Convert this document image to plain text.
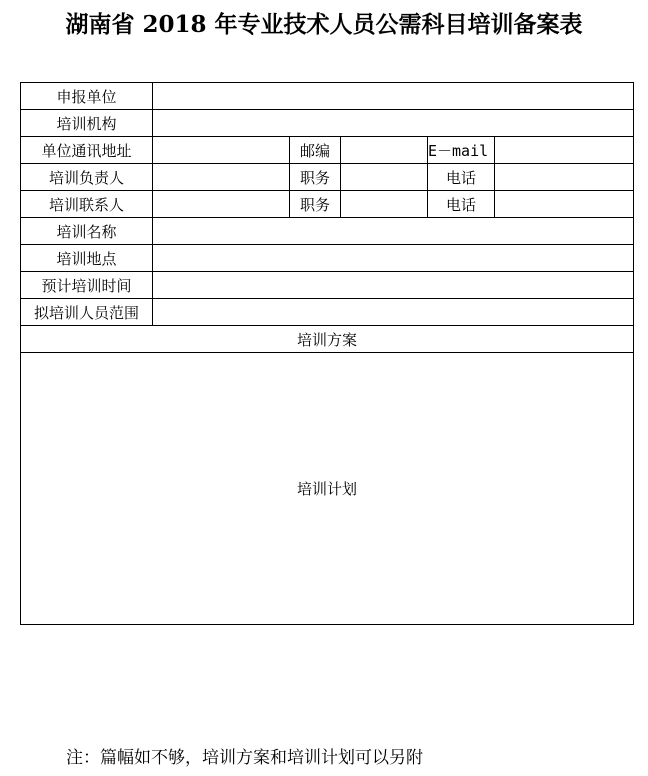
湖南省 2018 年专业技术人员公需科目培训备案表
申报单位					
培训机构					
单位通讯地址		邮编		E－mail	
培训负责人		职务		电话	
培训联系人		职务		电话	
培训名称					
培训地点					
预计培训时间					
拟培训人员范围					
培训方案					
培训计划					
注：篇幅如不够，培训方案和培训计划可以另附
